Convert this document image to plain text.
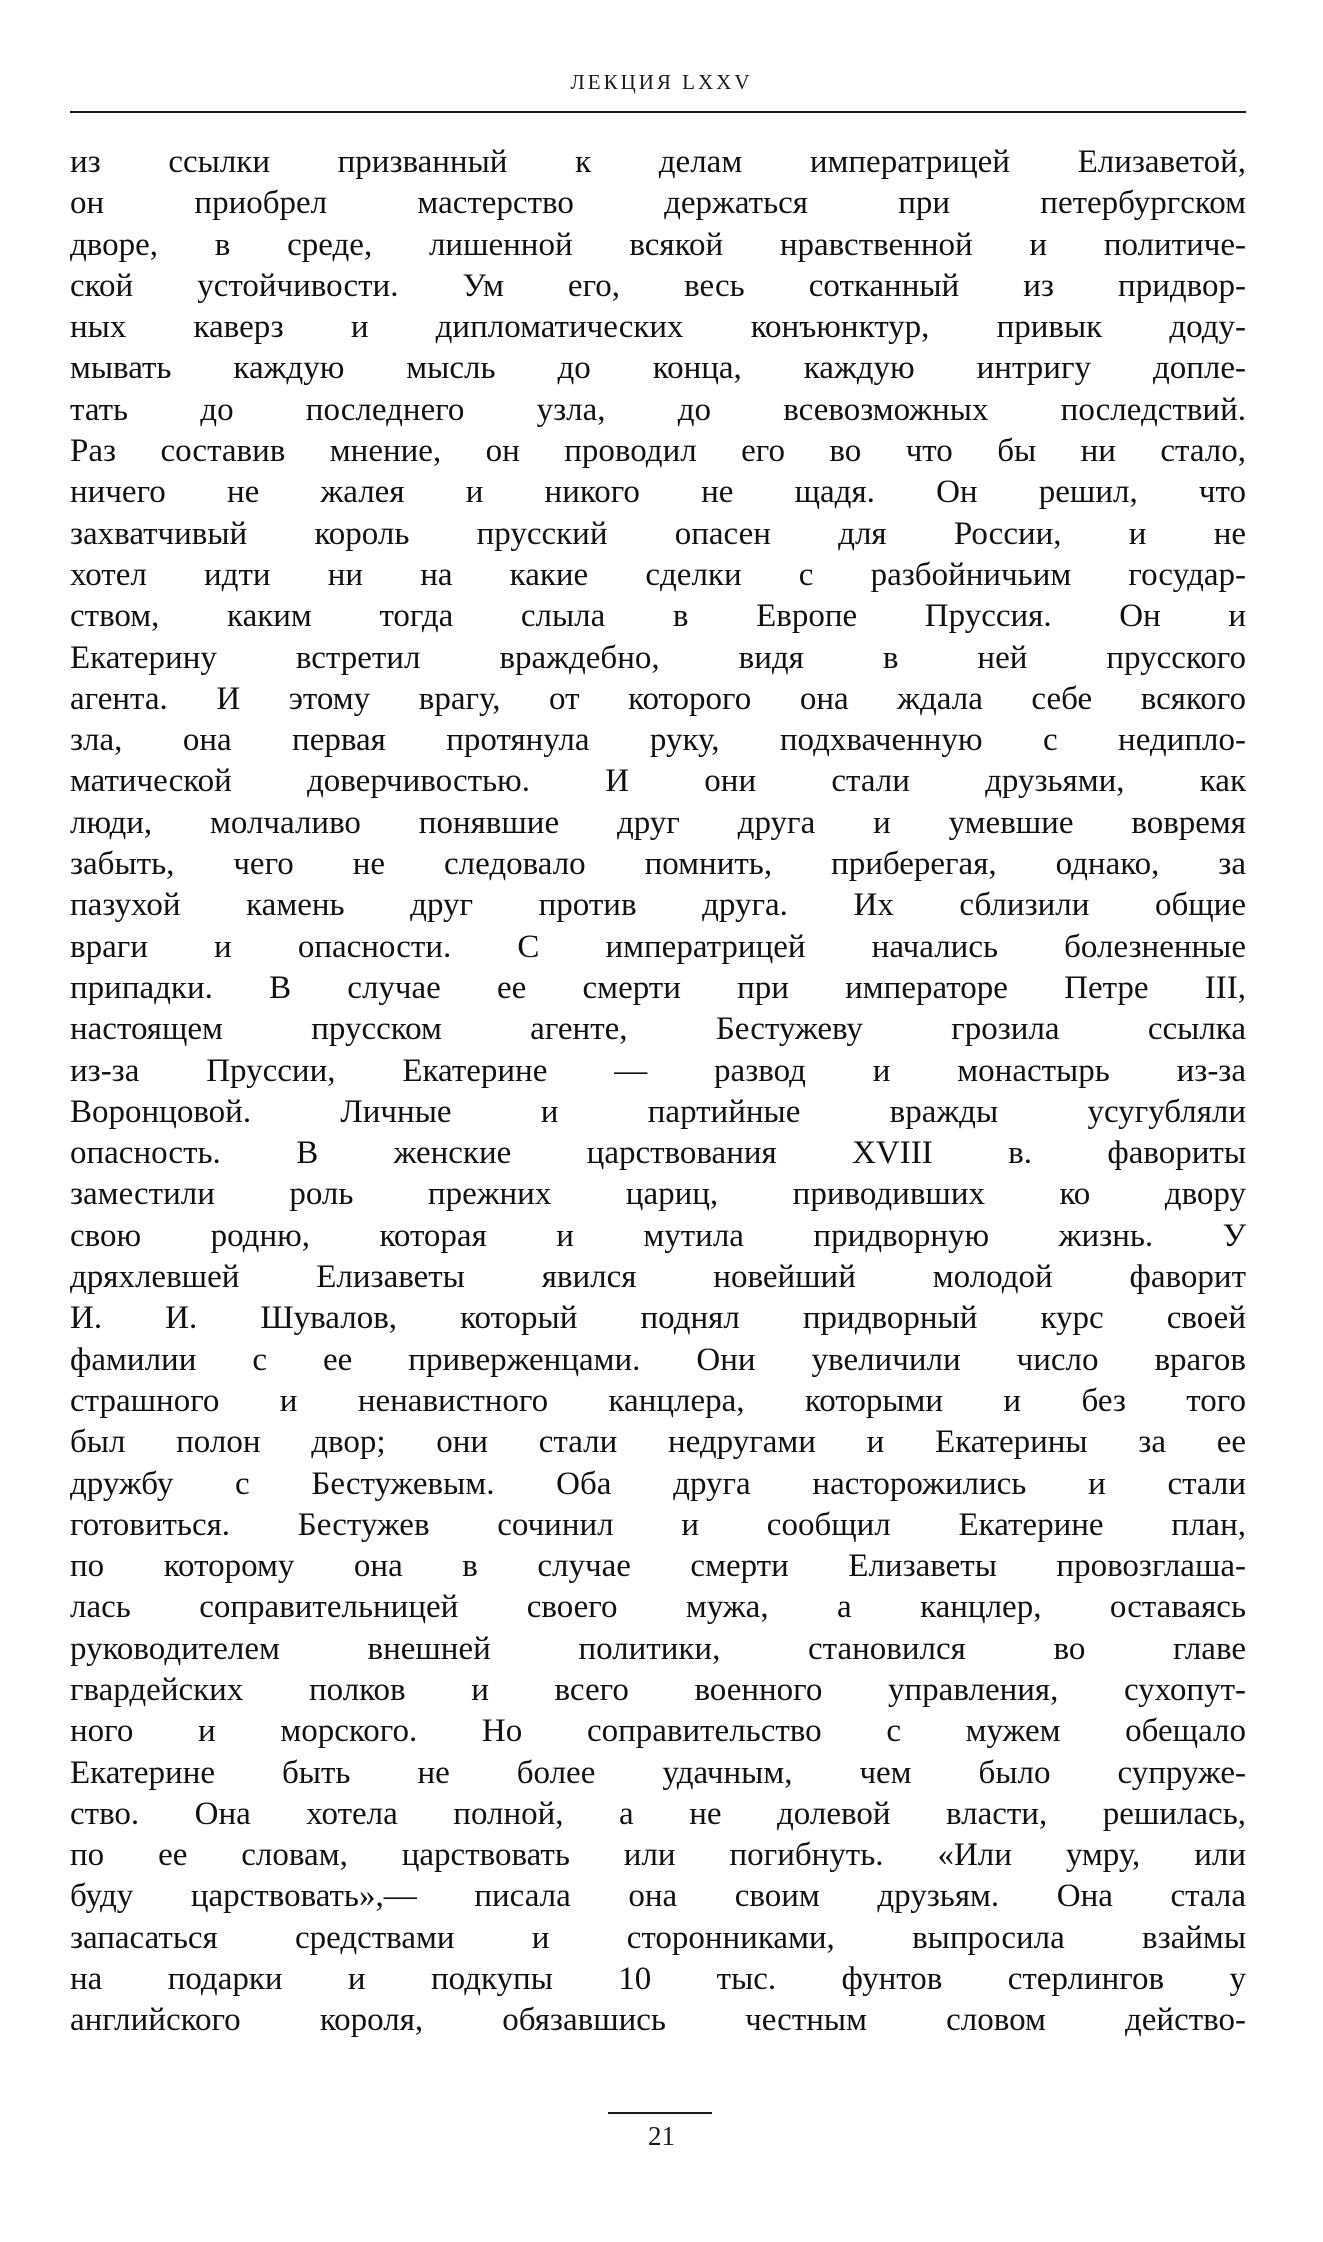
ЛЕКЦИЯ LXXV
из ссылки призванный к делам императрицей Елизаветой,
он приобрел мастерство держаться при петербургском
дворе, в среде, лишенной всякой нравственной и политиче-
ской устойчивости. Ум его, весь сотканный из придвор-
ных каверз и дипломатических конъюнктур, привык доду-
мывать каждую мысль до конца, каждую интригу допле-
тать до последнего узла, до всевозможных последствий.
Раз составив мнение, он проводил его во что бы ни стало,
ничего не жалея и никого не щадя. Он решил, что
захватчивый король прусский опасен для России, и не
хотел идти ни на какие сделки с разбойничьим государ-
ством, каким тогда слыла в Европе Пруссия. Он и
Екатерину встретил враждебно, видя в ней прусского
агента. И этому врагу, от которого она ждала себе всякого
зла, она первая протянула руку, подхваченную с недипло-
матической доверчивостью. И они стали друзьями, как
люди, молчаливо понявшие друг друга и умевшие вовремя
забыть, чего не следовало помнить, приберегая, однако, за
пазухой камень друг против друга. Их сблизили общие
враги и опасности. С императрицей начались болезненные
припадки. В случае ее смерти при императоре Петре III,
настоящем прусском агенте, Бестужеву грозила ссылка
из-за Пруссии, Екатерине — развод и монастырь из-за
Воронцовой. Личные и партийные вражды усугубляли
опасность. В женские царствования XVIII в. фавориты
заместили роль прежних цариц, приводивших ко двору
свою родню, которая и мутила придворную жизнь. У
дряхлевшей Елизаветы явился новейший молодой фаворит
И. И. Шувалов, который поднял придворный курс своей
фамилии с ее приверженцами. Они увеличили число врагов
страшного и ненавистного канцлера, которыми и без того
был полон двор; они стали недругами и Екатерины за ее
дружбу с Бестужевым. Оба друга насторожились и стали
готовиться. Бестужев сочинил и сообщил Екатерине план,
по которому она в случае смерти Елизаветы провозглаша-
лась соправительницей своего мужа, а канцлер, оставаясь
руководителем внешней политики, становился во главе
гвардейских полков и всего военного управления, сухопут-
ного и морского. Но соправительство с мужем обещало
Екатерине быть не более удачным, чем было супруже-
ство. Она хотела полной, а не долевой власти, решилась,
по ее словам, царствовать или погибнуть. «Или умру, или
буду царствовать»,— писала она своим друзьям. Она стала
запасаться средствами и сторонниками, выпросила взаймы
на подарки и подкупы 10 тыс. фунтов стерлингов у
английского короля, обязавшись честным словом действо-
21
